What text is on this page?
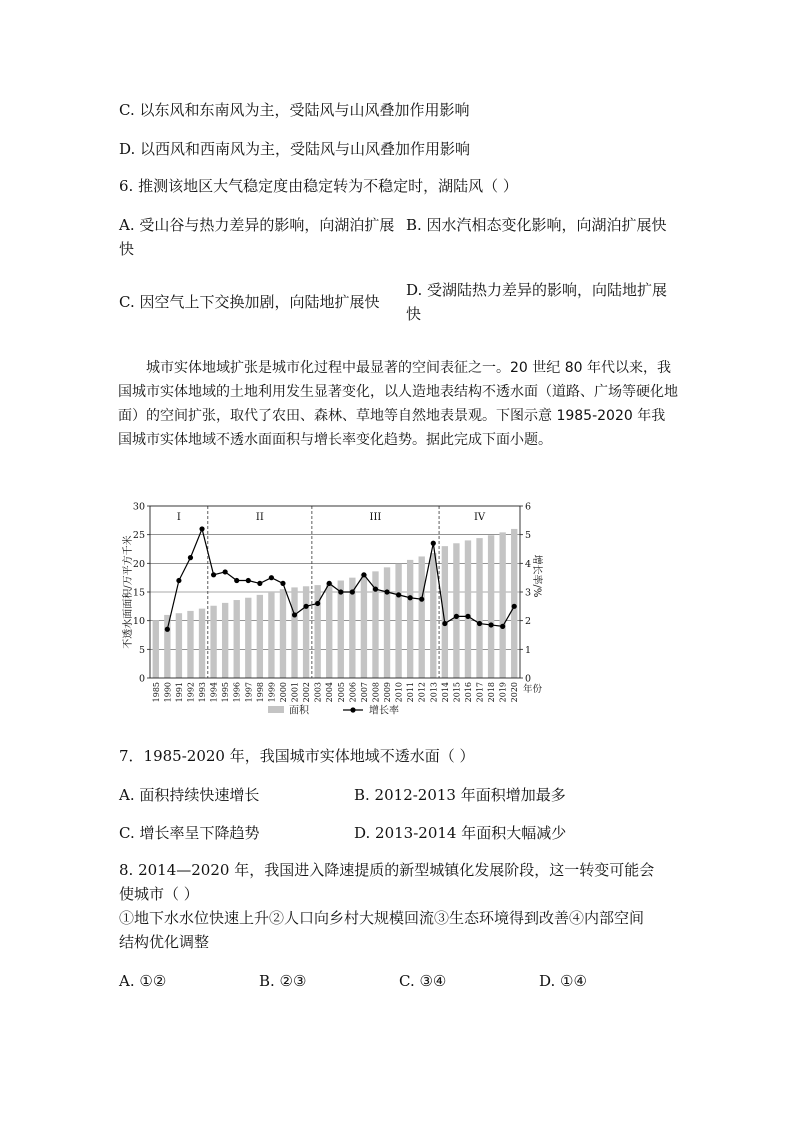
C. 以东风和东南风为主，受陆风与山风叠加作用影响
D. 以西风和西南风为主，受陆风与山风叠加作用影响
6. 推测该地区大气稳定度由稳定转为不稳定时，湖陆风（ ）
A. 受山谷与热力差异的影响，向湖泊扩展快
B. 因水汽相态变化影响，向湖泊扩展快
C. 因空气上下交换加剧，向陆地扩展快
D. 受湖陆热力差异的影响，向陆地扩展快
城市实体地域扩张是城市化过程中最显著的空间表征之一。20 世纪 80 年代以来，我国城市实体地域的土地利用发生显著变化，以人造地表结构不透水面（道路、广场等硬化地面）的空间扩张，取代了农田、森林、草地等自然地表景观。下图示意 1985-2020 年我国城市实体地域不透水面面积与增长率变化趋势。据此完成下面小题。
I	II	III	IV
0
5
10
15
20
25
30
0
1
2
3
4
5
6
1985 1990 1991 1992 1993 1994 1995 1996 1997 1998 1999 2000 2001 2002 2003 2004 2005 2006 2007 2008 2009 2010 2011 2012 2013 2014 2015 2016 2017 2018 2019 2020 年份
不透水面面积/万平方千米	增长率/%
面积	增长率
7．1985-2020 年，我国城市实体地域不透水面（ ）
A. 面积持续快速增长	B. 2012-2013 年面积增加最多
C. 增长率呈下降趋势	D. 2013-2014 年面积大幅减少
8. 2014—2020 年，我国进入降速提质的新型城镇化发展阶段，这一转变可能会
使城市（ ）
①地下水水位快速上升②人口向乡村大规模回流③生态环境得到改善④内部空间
结构优化调整
A. ①②	B. ②③	C. ③④	D. ①④
